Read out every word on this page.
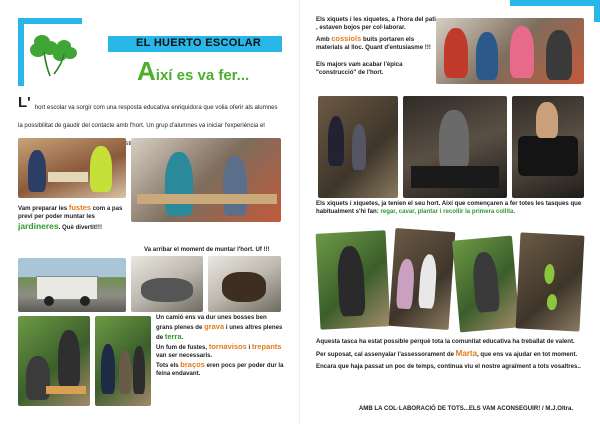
EL HUERTO ESCOLAR
Així es va fer...
L' hort escolar va sorgir com una resposta educativa enriquidora que volia oferir als alumnes la possibilitat de gaudir del contacte amb l'hort. Un grup d'alumnes va iniciar l'experiència el mestres.
Vam preparar les fustes com a pas previ per poder muntar les jardineres. Què divertit!!!
Va arribar el moment de muntar l'hort. Uf !!!
Un camió ens va dur unes bosses ben grans plenes de grava i unes altres plenes de terra.
Un fum de fustes, tornavisos i trepants van ser necessaris.
Tots els braços eren pocs per poder dur la feina endavant.
Els xiquets i les xiquetes, a l'hora del pati , estaven bojos per col·laborar.
Amb cossiols buits portaren els materials al lloc. Quant d'entusiasme !!!
Els majors vam acabar l'èpica "construcció" de l'hort.
Els xiquets i xiquetes, ja tenien el seu hort. Així que començaren a fer totes les tasques que habitualment s'hi fan: regar, cavar, plantar i recollir la primera collita.
Aquesta tasca ha estat possible perquè tota la comunitat educativa ha treballat de valent.
Per suposat, cal assenyalar l'assessorament de Marta, que ens va ajudar en tot moment.
Encara que haja passat un poc de temps, continua viu el nostre agraïment a tots vosaltres..
AMB LA COL·LABORACIÓ DE TOTS...ELS VAM ACONSEGUIR! / M.J.Oltra.
